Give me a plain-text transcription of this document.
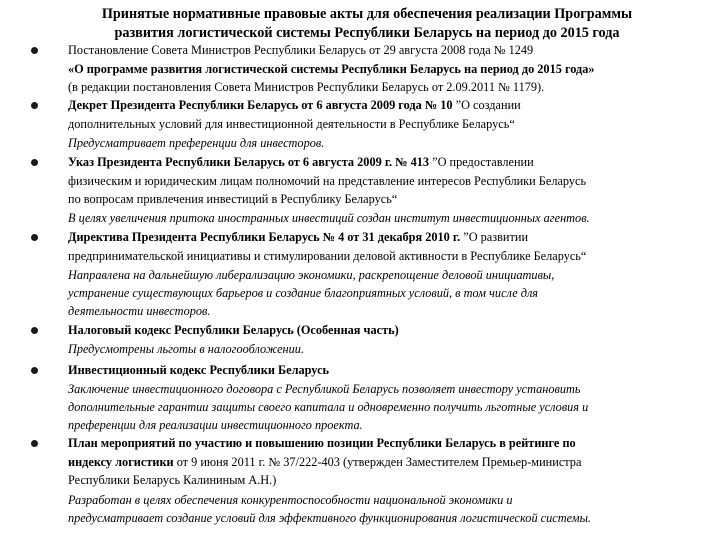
Принятые нормативные правовые акты для обеспечения реализации Программы
развития логистической системы Республики Беларусь на период до 2015 года
Постановление Совета Министров Республики Беларусь от 29 августа 2008 года № 1249
«О программе развития логистической системы Республики Беларусь на период до 2015 года»
(в редакции постановления Совета Министров Республики Беларусь от 2.09.2011 № 1179).
Декрет Президента Республики Беларусь от 6 августа 2009 года № 10 ”О создании
дополнительных условий для инвестиционной деятельности в Республике Беларусь“
Предусматривает преференции для инвесторов.
Указ Президента Республики Беларусь от 6 августа 2009 г. № 413 ”О предоставлении
физическим и юридическим лицам полномочий на представление интересов Республики Беларусь
по вопросам привлечения инвестиций в Республику Беларусь“
В целях увеличения притока иностранных инвестиций создан институт инвестиционных агентов.
Директива Президента Республики Беларусь № 4 от 31 декабря 2010 г. ”О развитии
предпринимательской инициативы и стимулировании деловой активности в Республике Беларусь“
Направлена на дальнейшую либерализацию экономики, раскрепощение деловой инициативы,
устранение существующих барьеров и создание благоприятных условий, в том числе для
деятельности инвесторов.
Налоговый кодекс Республики Беларусь (Особенная часть)
Предусмотрены льготы в налогообложении.
Инвестиционный кодекс Республики Беларусь
Заключение инвестиционного договора с Республикой Беларусь позволяет инвестору установить
дополнительные гарантии защиты своего капитала и одновременно получить льготные условия и
преференции для реализации инвестиционного проекта.
План мероприятий по участию и повышению позиции Республики Беларусь в рейтинге по
индексу логистики от 9 июня 2011 г. № 37/222-403 (утвержден Заместителем Премьер-министра
Республики Беларусь Калининым А.Н.)
Разработан в целях обеспечения конкурентоспособности национальной экономики и
предусматривает создание условий для эффективного функционирования логистической системы.
